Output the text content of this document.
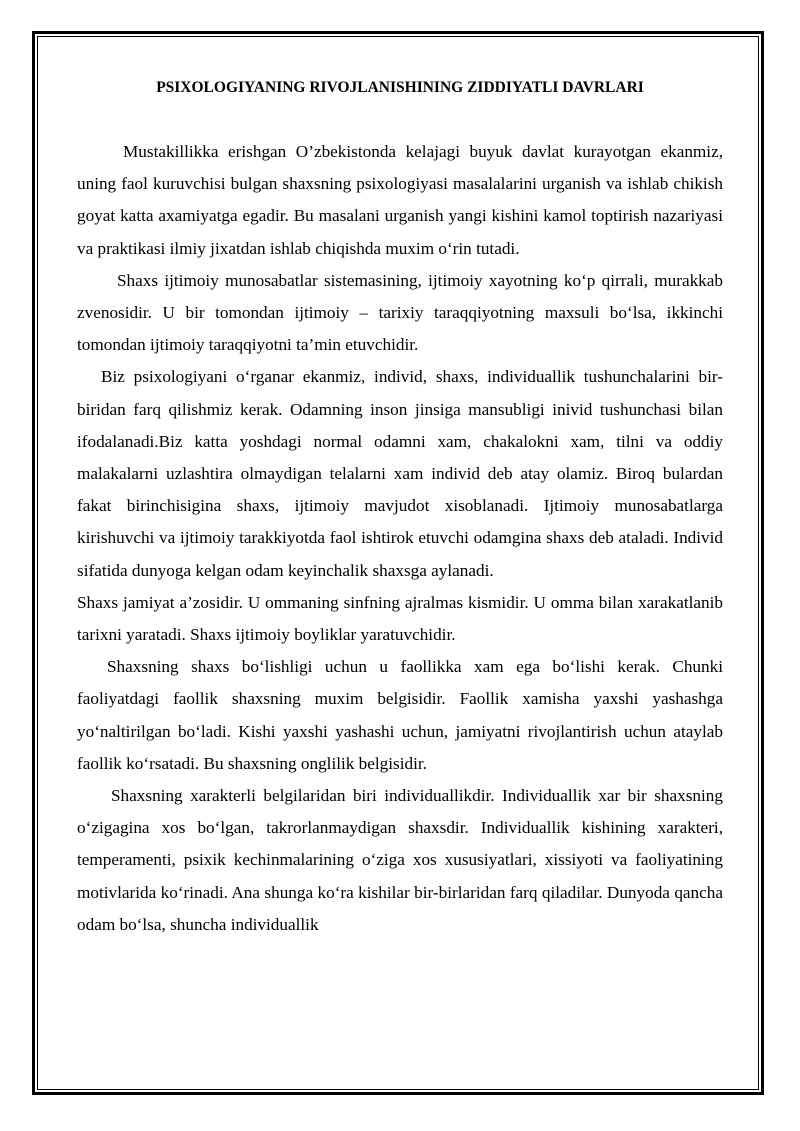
PSIXOLOGIYANING RIVOJLANISHINING ZIDDIYATLI DAVRLARI

Mustakillikka erishgan O’zbekistonda kelajagi buyuk davlat kurayotgan ekanmiz, uning faol kuruvchisi bulgan shaxsning psixologiyasi masalalarini urganish va ishlab chikish goyat katta axamiyatga egadir. Bu masalani urganish yangi kishini kamol toptirish nazariyasi va praktikasi ilmiy jixatdan ishlab chiqishda muxim o‘rin tutadi.

Shaxs ijtimoiy munosabatlar sistemasining, ijtimoiy xayotning ko‘p qirrali, murakkab zvenosidir. U bir tomondan ijtimoiy – tarixiy taraqqiyotning maxsuli bo‘lsa, ikkinchi tomondan ijtimoiy taraqqiyotni ta’min etuvchidir.

Biz psixologiyani o‘rganar ekanmiz, individ, shaxs, individuallik tushunchalarini bir-biridan farq qilishmiz kerak. Odamning inson jinsiga mansubligi inivid tushunchasi bilan ifodalanadi.Biz katta yoshdagi normal odamni xam, chakalokni xam, tilni va oddiy malakalarni uzlashtira olmaydigan telalarni xam individ deb atay olamiz. Biroq bulardan fakat birinchisigina shaxs, ijtimoiy mavjudot xisoblanadi. Ijtimoiy munosabatlarga kirishuvchi va ijtimoiy tarakkiyotda faol ishtirok etuvchi odamgina shaxs deb ataladi. Individ sifatida dunyoga kelgan odam keyinchalik shaxsga aylanadi.

Shaxs jamiyat a’zosidir. U ommaning sinfning ajralmas kismidir. U omma bilan xarakatlanib tarixni yaratadi. Shaxs ijtimoiy boyliklar yaratuvchidir.

Shaxsning shaxs bo‘lishligi uchun u faollikka xam ega bo‘lishi kerak. Chunki faoliyatdagi faollik shaxsning muxim belgisidir. Faollik xamisha yaxshi yashashga yo‘naltirilgan bo‘ladi. Kishi yaxshi yashashi uchun, jamiyatni rivojlantirish uchun ataylab faollik ko‘rsatadi. Bu shaxsning onglilik belgisidir.

Shaxsning xarakterli belgilaridan biri individuallikdir. Individuallik xar bir shaxsning o‘zigagina xos bo‘lgan, takrorlanmaydigan shaxsdir. Individuallik kishining xarakteri, temperamenti, psixik kechinmalarining o‘ziga xos xususiyatlari, xissiyoti va faoliyatining motivlarida ko‘rinadi. Ana shunga ko‘ra kishilar bir-birlaridan farq qiladilar. Dunyoda qancha odam bo‘lsa, shuncha individuallik
